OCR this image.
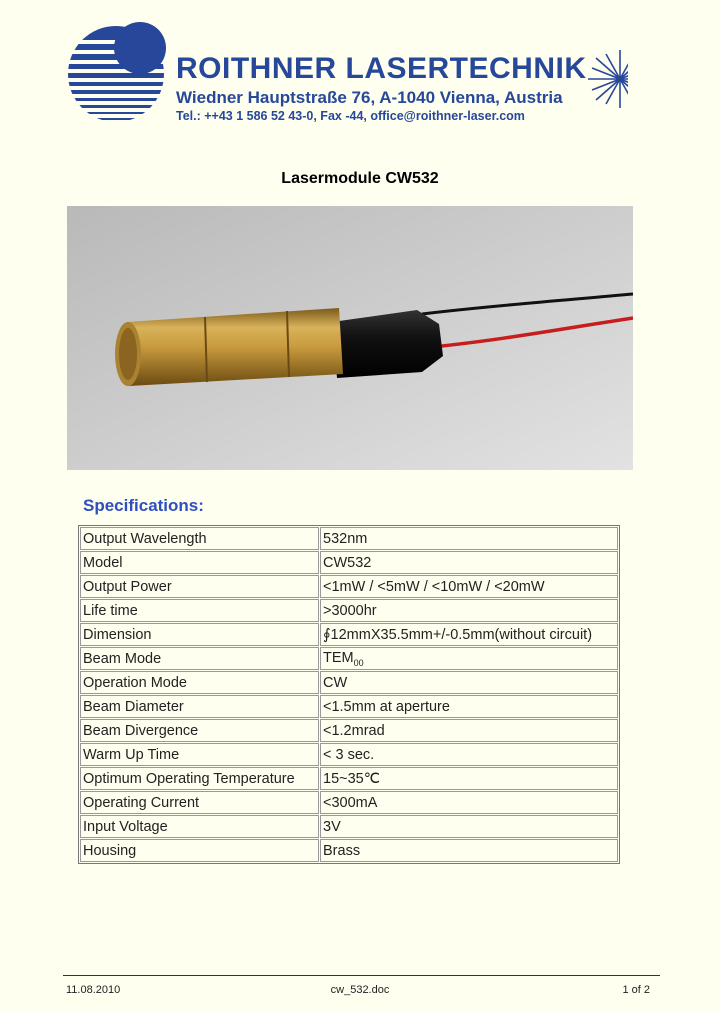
ROITHNER LASERTECHNIK
Wiedner Hauptstraße 76, A-1040 Vienna, Austria
Tel.: ++43 1 586 52 43-0, Fax -44, office@roithner-laser.com
Lasermodule CW532
Specifications:
Output Wavelength	532nm
Model	CW532
Output Power	<1mW / <5mW / <10mW / <20mW
Life time	>3000hr
Dimension	∮12mmX35.5mm+/-0.5mm(without circuit)
Beam Mode	$TEM_{00}$
Operation Mode	CW
Beam Diameter	<1.5mm at aperture
Beam Divergence	<1.2mrad
Warm Up Time	< 3 sec.
Optimum Operating Temperature	15~35℃
Operating Current	<300mA
Input Voltage	3V
Housing	Brass
11.08.2010	cw_532.doc	1 of 2
